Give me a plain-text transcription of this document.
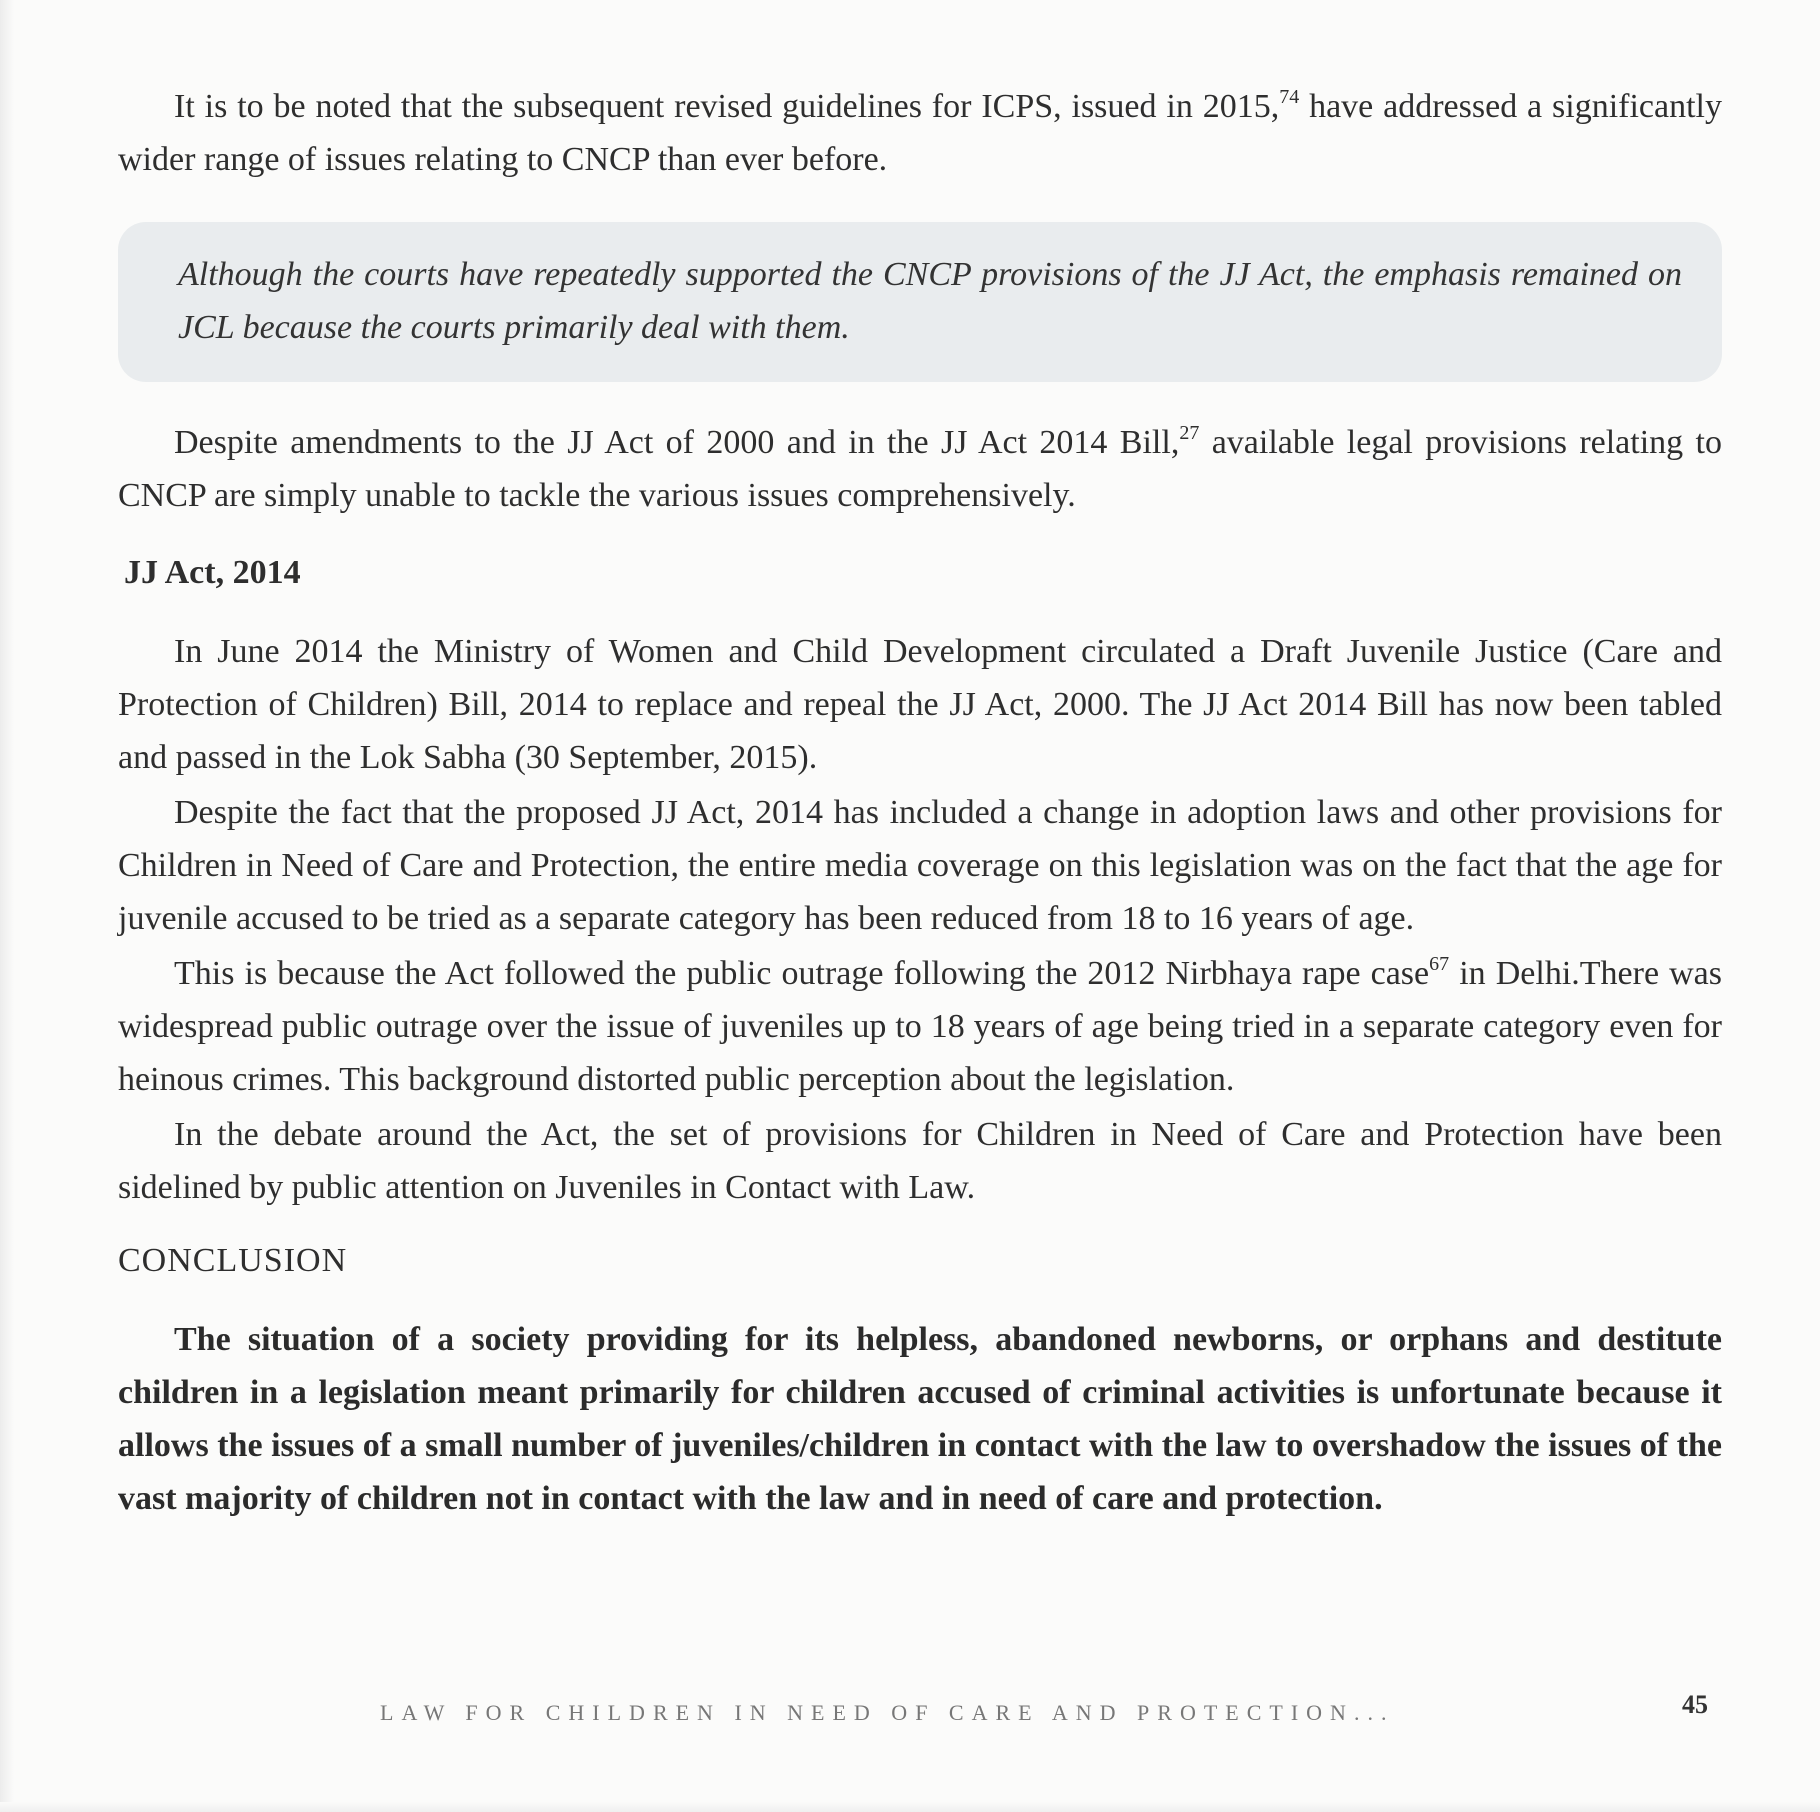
It is to be noted that the subsequent revised guidelines for ICPS, issued in 2015,74 have addressed a significantly wider range of issues relating to CNCP than ever before.

Although the courts have repeatedly supported the CNCP provisions of the JJ Act, the emphasis remained on JCL because the courts primarily deal with them.

Despite amendments to the JJ Act of 2000 and in the JJ Act 2014 Bill,$^{27}$ available legal provisions relating to CNCP are simply unable to tackle the various issues comprehensively.

JJ Act, 2014

In June 2014 the Ministry of Women and Child Development circulated a Draft Juvenile Justice (Care and Protection of Children) Bill, 2014 to replace and repeal the JJ Act, 2000. The JJ Act 2014 Bill has now been tabled and passed in the Lok Sabha (30 September, 2015).

Despite the fact that the proposed JJ Act, 2014 has included a change in adoption laws and other provisions for Children in Need of Care and Protection, the entire media coverage on this legislation was on the fact that the age for juvenile accused to be tried as a separate category has been reduced from 18 to 16 years of age.

This is because the Act followed the public outrage following the 2012 Nirbhaya rape case$^{67}$ in Delhi.There was widespread public outrage over the issue of juveniles up to 18 years of age being tried in a separate category even for heinous crimes. This background distorted public perception about the legislation.

In the debate around the Act, the set of provisions for Children in Need of Care and Protection have been sidelined by public attention on Juveniles in Contact with Law.

CONCLUSION

The situation of a society providing for its helpless, abandoned newborns, or orphans and destitute children in a legislation meant primarily for children accused of criminal activities is unfortunate because it allows the issues of a small number of juveniles/children in contact with the law to overshadow the issues of the vast majority of children not in contact with the law and in need of care and protection.

LAW FOR CHILDREN IN NEED OF CARE AND PROTECTION...	45
